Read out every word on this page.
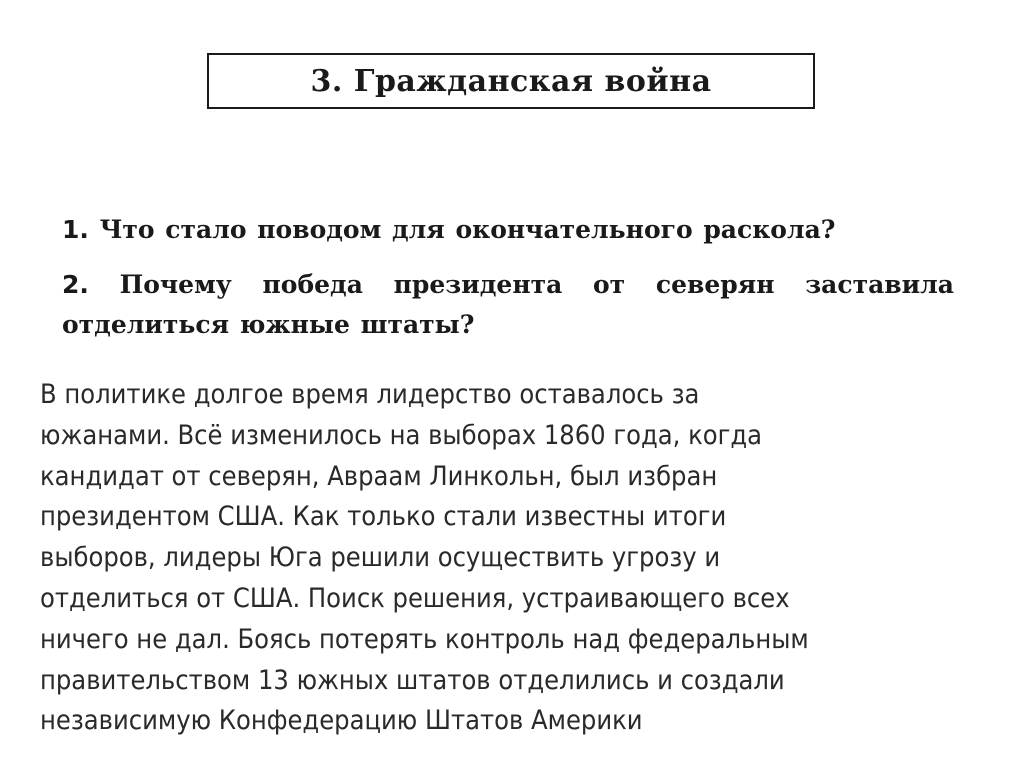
3. Гражданская война
1. Что стало поводом для окончательного раскола?
2. Почему победа президента от северян заставила
отделиться южные штаты?
В политике долгое время лидерство оставалось за
южанами. Всё изменилось на выборах 1860 года, когда
кандидат от северян, Авраам Линкольн, был избран
президентом США. Как только стали известны итоги
выборов, лидеры Юга решили осуществить угрозу и
отделиться от США. Поиск решения, устраивающего всех
ничего не дал. Боясь потерять контроль над федеральным
правительством 13 южных штатов отделились и создали
независимую Конфедерацию Штатов Америки
